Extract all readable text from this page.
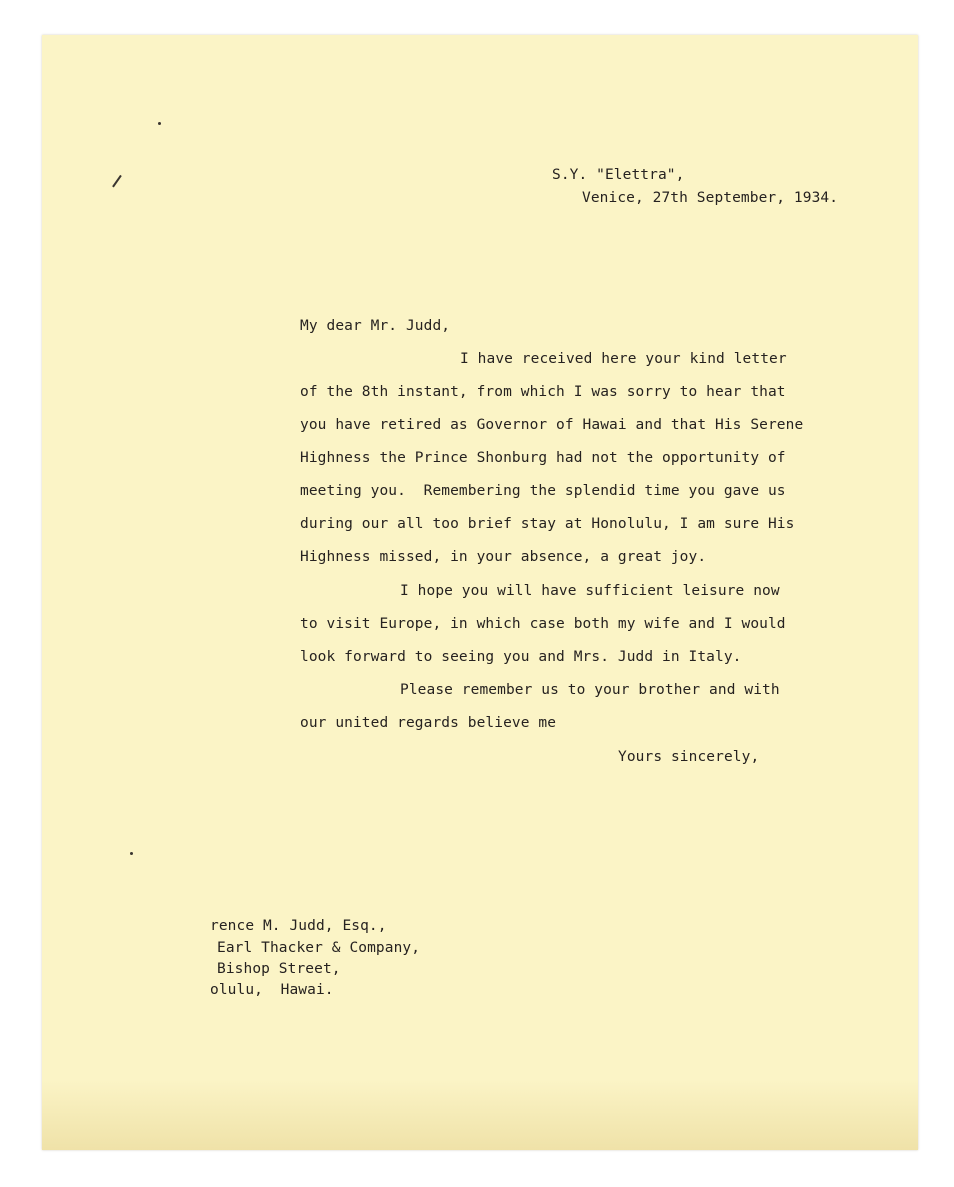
S.Y. "Elettra",
Venice, 27th September, 1934.
My dear Mr. Judd,
I have received here your kind letter
of the 8th instant, from which I was sorry to hear that
you have retired as Governor of Hawai and that His Serene
Highness the Prince Shonburg had not the opportunity of
meeting you.  Remembering the splendid time you gave us
during our all too brief stay at Honolulu, I am sure His
Highness missed, in your absence, a great joy.
I hope you will have sufficient leisure now
to visit Europe, in which case both my wife and I would
look forward to seeing you and Mrs. Judd in Italy.
Please remember us to your brother and with
our united regards believe me
Yours sincerely,
rence M. Judd, Esq.,
Earl Thacker & Company,
Bishop Street,
olulu,  Hawai.
